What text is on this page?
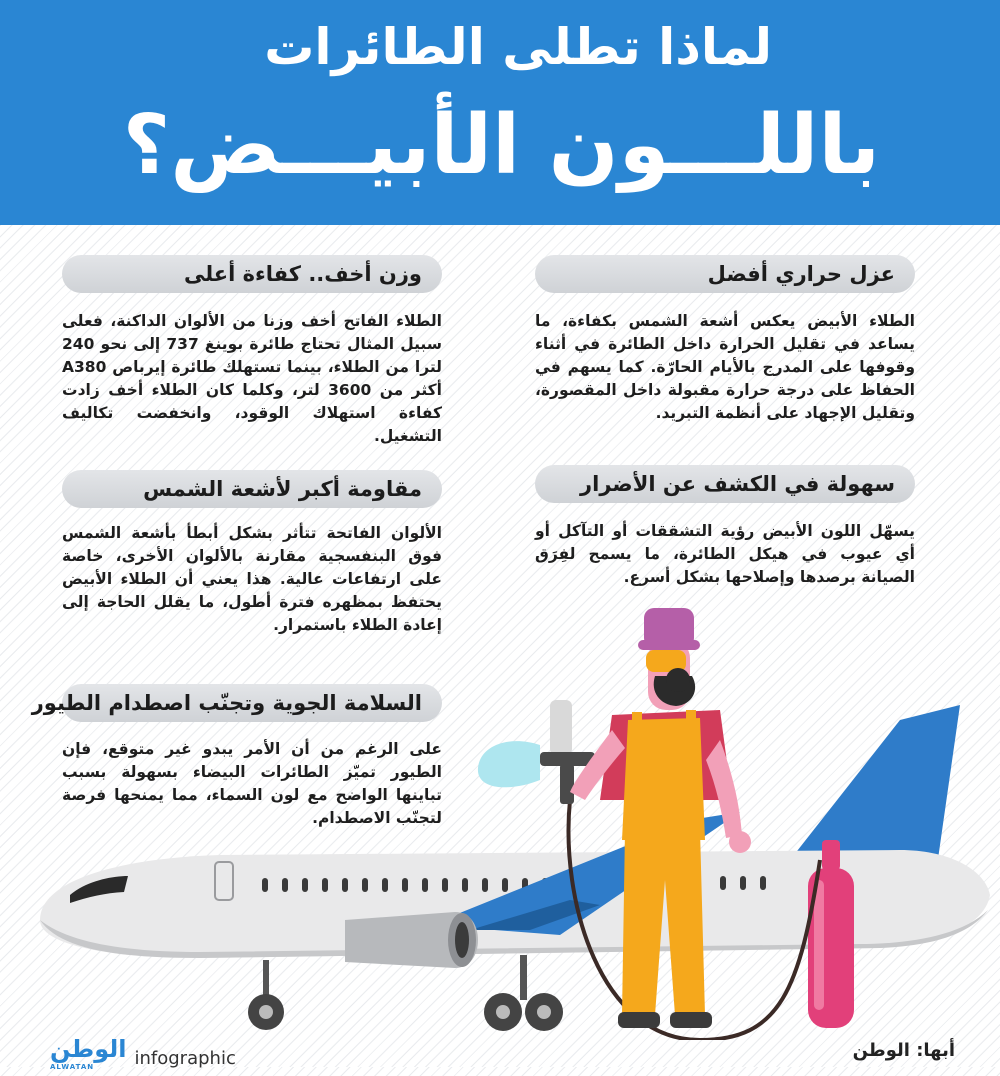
لماذا تطلى الطائرات
باللـــون الأبيـــض؟
عزل حراري أفضل
الطلاء الأبيض يعكس أشعة الشمس بكفاءة، ما يساعد في تقليل الحرارة داخل الطائرة في أثناء وقوفها على المدرج بالأيام الحارّة. كما يسهم في الحفاظ على درجة حرارة مقبولة داخل المقصورة، وتقليل الإجهاد على أنظمة التبريد.
سهولة في الكشف عن الأضرار
يسهّل اللون الأبيض رؤية التشققات أو التآكل أو أي عيوب في هيكل الطائرة، ما يسمح لفِرَق الصيانة برصدها وإصلاحها بشكل أسرع.
وزن أخف.. كفاءة أعلى
الطلاء الفاتح أخف وزنا من الألوان الداكنة، فعلى سبيل المثال تحتاج طائرة بوينغ 737 إلى نحو 240 لترا من الطلاء، بينما تستهلك طائرة إيرباص A380 أكثر من 3600 لتر، وكلما كان الطلاء أخف زادت كفاءة استهلاك الوقود، وانخفضت تكاليف التشغيل.
مقاومة أكبر لأشعة الشمس
الألوان الفاتحة تتأثر بشكل أبطأ بأشعة الشمس فوق البنفسجية مقارنة بالألوان الأخرى، خاصة على ارتفاعات عالية. هذا يعني أن الطلاء الأبيض يحتفظ بمظهره فترة أطول، ما يقلل الحاجة إلى إعادة الطلاء باستمرار.
السلامة الجوية وتجنّب اصطدام الطيور
على الرغم من أن الأمر يبدو غير متوقع، فإن الطيور تميّز الطائرات البيضاء بسهولة بسبب تباينها الواضح مع لون السماء، مما يمنحها فرصة لتجنّب الاصطدام.
الوطن
ALWATAN	infographic	أبها: الوطن
